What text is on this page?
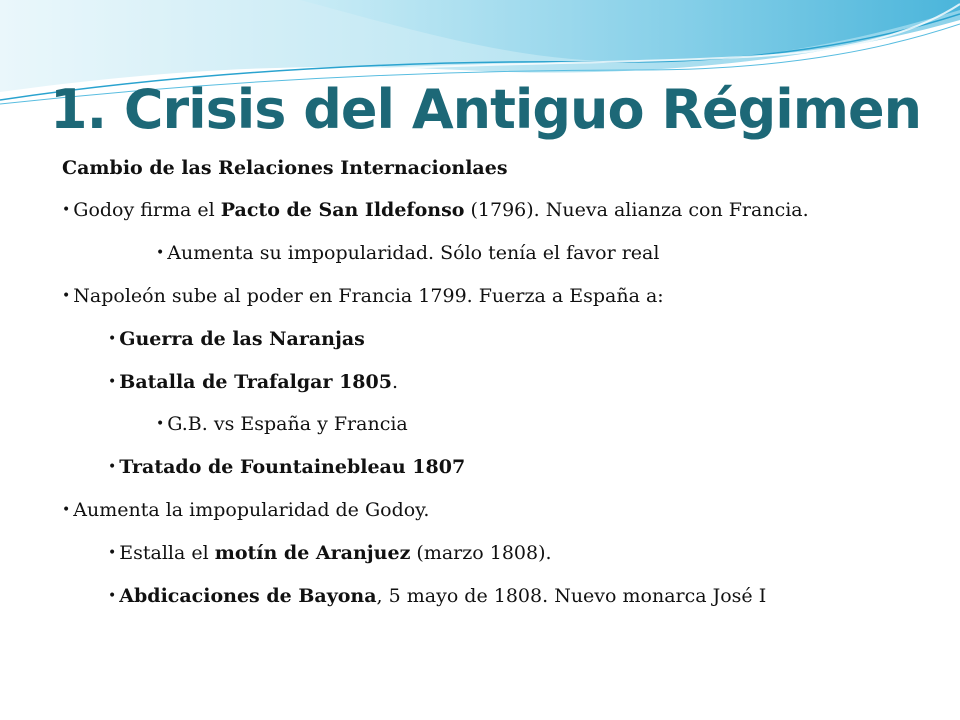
1. Crisis del Antiguo Régimen

Cambio de las Relaciones Internacionlaes

• Godoy firma el Pacto de San Ildefonso (1796). Nueva alianza con Francia.

• Aumenta su impopularidad. Sólo tenía el favor real

• Napoleón sube al poder en Francia 1799. Fuerza a España a:

• Guerra de las Naranjas

• Batalla de Trafalgar 1805.

• G.B. vs España y Francia

• Tratado de Fountainebleau 1807

• Aumenta la impopularidad de Godoy.

• Estalla el motín de Aranjuez (marzo 1808).

• Abdicaciones de Bayona, 5 mayo de 1808. Nuevo monarca José I
